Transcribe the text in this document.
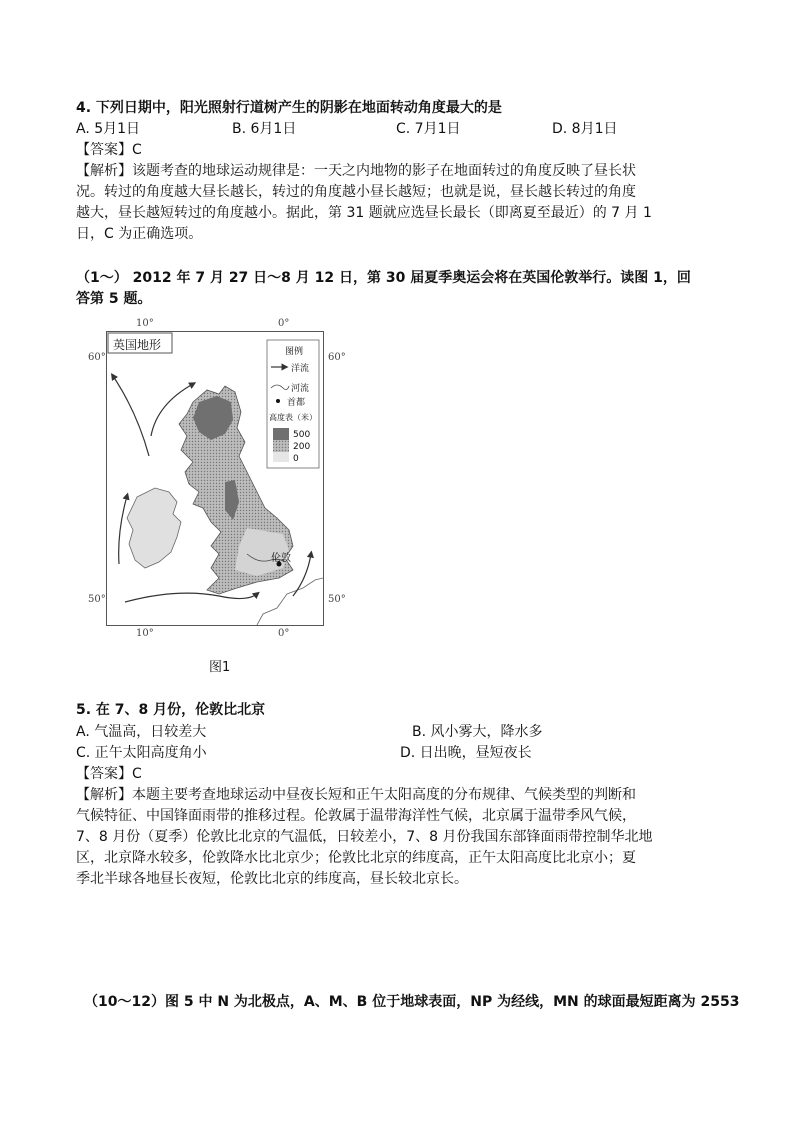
4. 下列日期中，阳光照射行道树产生的阴影在地面转动角度最大的是
A. 5月1日	B. 6月1日	C. 7月1日	D. 8月1日
【答案】C
【解析】该题考查的地球运动规律是：一天之内地物的影子在地面转过的角度反映了昼长状
况。转过的角度越大昼长越长，转过的角度越小昼长越短；也就是说，昼长越长转过的角度
越大，昼长越短转过的角度越小。据此，第 31 题就应选昼长最长（即离夏至最近）的 7 月 1
日，C 为正确选项。
（1～） 2012 年 7 月 27 日～8 月 12 日，第 30 届夏季奥运会将在英国伦敦举行。读图 1，回
答第 5 题。
10°	0°
10°	0°
60°	60°
50°	50°
英国地形	图例
洋流
河流
首都
高度表（米）
500
200
0
伦敦
图1
5. 在 7、8 月份，伦敦比北京
A. 气温高，日较差大	B. 风小雾大，降水多
C. 正午太阳高度角小	D. 日出晚，昼短夜长
【答案】C
【解析】本题主要考查地球运动中昼夜长短和正午太阳高度的分布规律、气候类型的判断和
气候特征、中国锋面雨带的推移过程。伦敦属于温带海洋性气候，北京属于温带季风气候，
7、8 月份（夏季）伦敦比北京的气温低，日较差小，7、8 月份我国东部锋面雨带控制华北地
区，北京降水较多，伦敦降水比北京少；伦敦比北京的纬度高，正午太阳高度比北京小；夏
季北半球各地昼长夜短，伦敦比北京的纬度高，昼长较北京长。
（10～12）图 5 中 N 为北极点，A、M、B 位于地球表面，NP 为经线，MN 的球面最短距离为 2553
